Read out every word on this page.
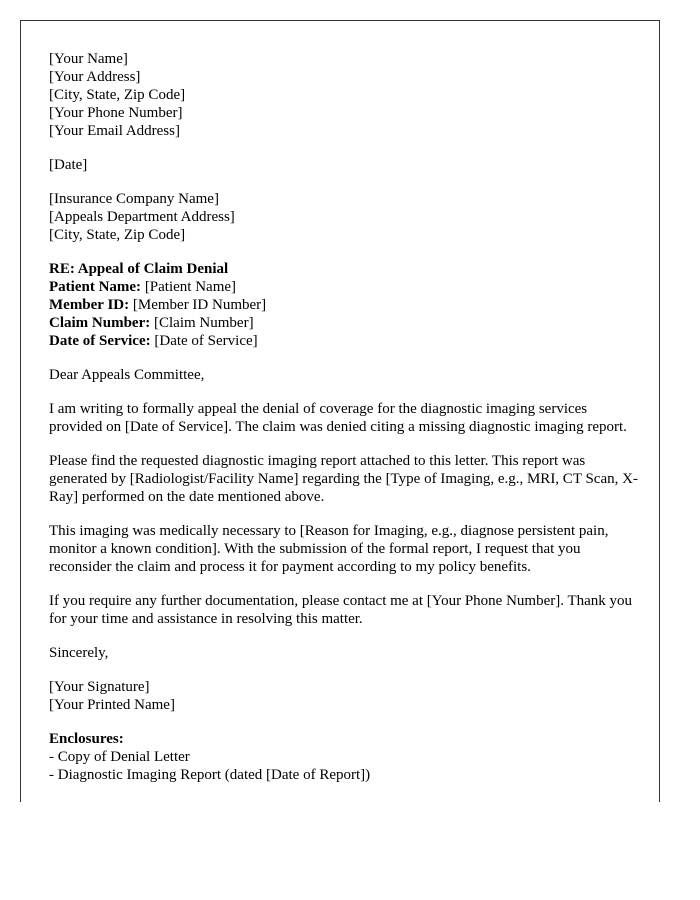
[Your Name]
[Your Address]
[City, State, Zip Code]
[Your Phone Number]
[Your Email Address]
[Date]
[Insurance Company Name]
[Appeals Department Address]
[City, State, Zip Code]
RE: Appeal of Claim Denial
Patient Name: [Patient Name]
Member ID: [Member ID Number]
Claim Number: [Claim Number]
Date of Service: [Date of Service]

Dear Appeals Committee,

I am writing to formally appeal the denial of coverage for the diagnostic imaging services provided on [Date of Service]. The claim was denied citing a missing diagnostic imaging report.

Please find the requested diagnostic imaging report attached to this letter. This report was generated by [Radiologist/Facility Name] regarding the [Type of Imaging, e.g., MRI, CT Scan, X-Ray] performed on the date mentioned above.

This imaging was medically necessary to [Reason for Imaging, e.g., diagnose persistent pain, monitor a known condition]. With the submission of the formal report, I request that you reconsider the claim and process it for payment according to my policy benefits.

If you require any further documentation, please contact me at [Your Phone Number]. Thank you for your time and assistance in resolving this matter.

Sincerely,

[Your Signature]
[Your Printed Name]
Enclosures:
- Copy of Denial Letter
- Diagnostic Imaging Report (dated [Date of Report])
